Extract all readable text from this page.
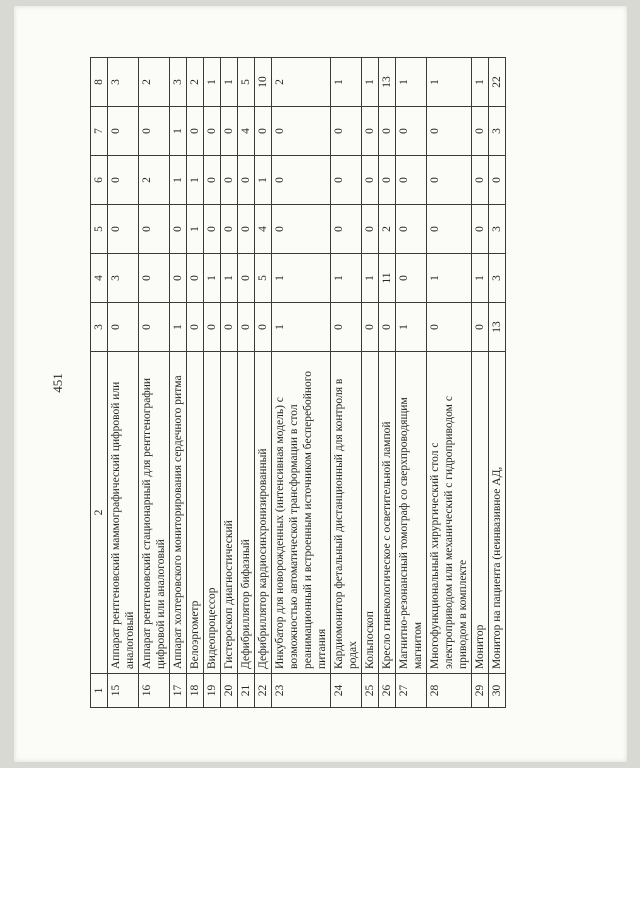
451
1	2	3	4	5	6	7	8
15	Аппарат рентгеновский маммографический цифровой или аналоговый	0	3	0	0	0	3
16	Аппарат рентгеновский стационарный для рентгенографии цифровой или аналоговый	0	0	0	2	0	2
17	Аппарат холтеровского мониторирования сердечного ритма	1	0	0	1	1	3
18	Велоэргометр	0	0	1	1	0	2
19	Видеопроцессор	0	1	0	0	0	1
20	Гистероскоп диагностический	0	1	0	0	0	1
21	Дефибриллятор бифазный	0	0	0	0	4	5
22	Дефибриллятор кардиосинхронизированный	0	5	4	1	0	10
23	Инкубатор для новорожденных (интенсивная модель) с возможностью автоматической трансформации в стол реанимационный и встроенным источником бесперебойного питания	1	1	0	0	0	2
24	Кардиомонитор фетальный дистанционный для контроля в родах	0	1	0	0	0	1
25	Кольпоскоп	0	1	0	0	0	1
26	Кресло гинекологическое с осветительной лампой	0	11	2	0	0	13
27	Магнитно-резонансный томограф со сверхпроводящим магнитом	1	0	0	0	0	1
28	Многофункциональный хирургический стол с электроприводом или механический с гидроприводом с приводом в комплекте	0	1	0	0	0	1
29	Монитор	0	1	0	0	0	1
30	Монитор на пациента (неинвазивное АД,	13	3	3	0	3	22
